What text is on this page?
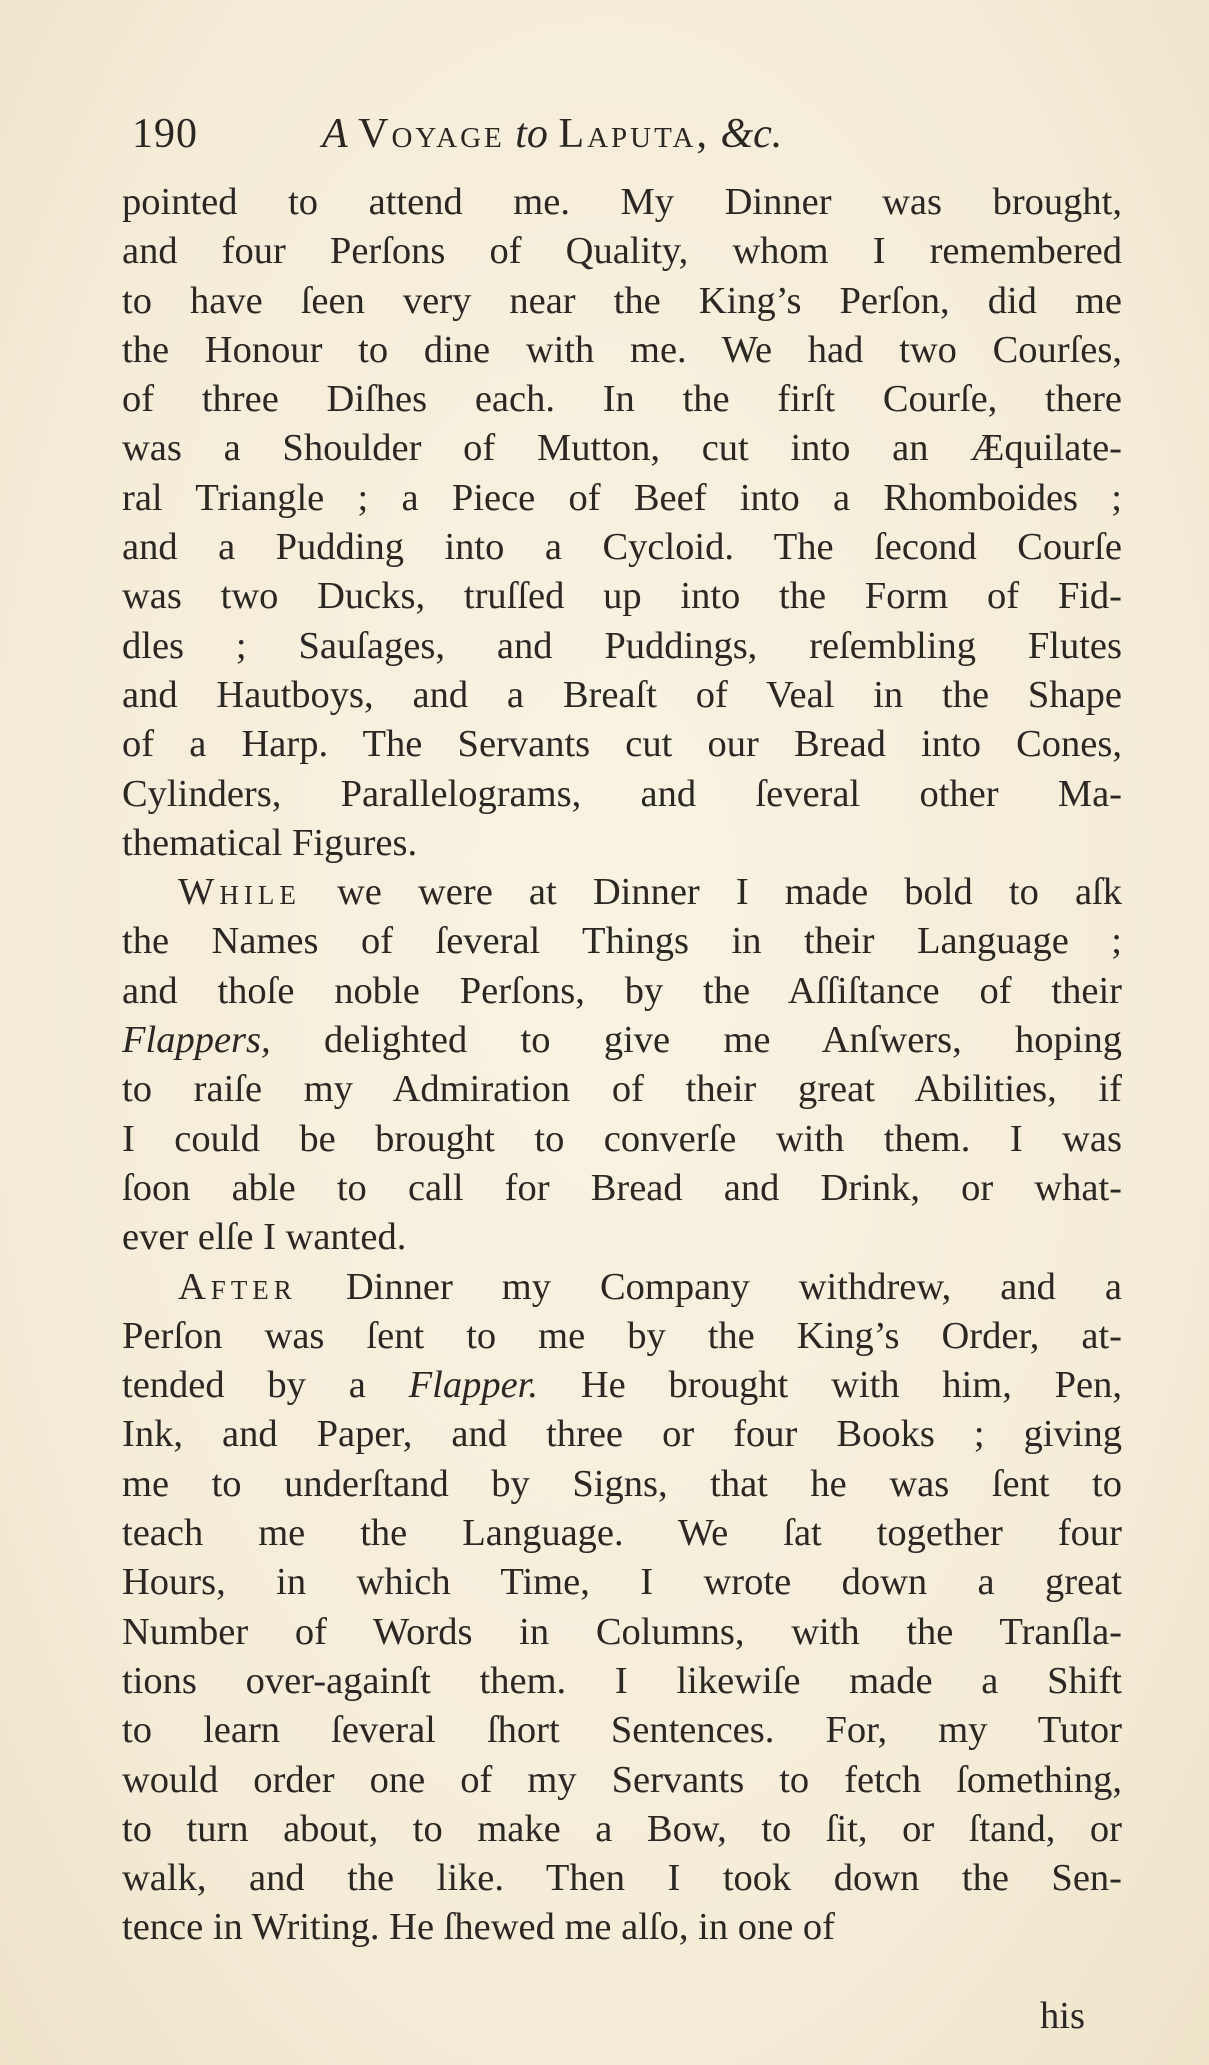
190	A Voyage to Laputa, &c.
pointed to attend me. My Dinner was brought,
and four Perſons of Quality, whom I remembered
to have ſeen very near the King’s Perſon, did me
the Honour to dine with me. We had two Courſes,
of three Diſhes each. In the firſt Courſe, there
was a Shoulder of Mutton, cut into an Æquilate-
ral Triangle ; a Piece of Beef into a Rhomboides ;
and a Pudding into a Cycloid. The ſecond Courſe
was two Ducks, truſſed up into the Form of Fid-
dles ; Sauſages, and Puddings, reſembling Flutes
and Hautboys, and a Breaſt of Veal in the Shape
of a Harp. The Servants cut our Bread into Cones,
Cylinders, Parallelograms, and ſeveral other Ma-
thematical Figures.
While we were at Dinner I made bold to aſk
the Names of ſeveral Things in their Language ;
and thoſe noble Perſons, by the Aſſiſtance of their
Flappers, delighted to give me Anſwers, hoping
to raiſe my Admiration of their great Abilities, if
I could be brought to converſe with them. I was
ſoon able to call for Bread and Drink, or what-
ever elſe I wanted.
After Dinner my Company withdrew, and a
Perſon was ſent to me by the King’s Order, at-
tended by a Flapper. He brought with him, Pen,
Ink, and Paper, and three or four Books ; giving
me to underſtand by Signs, that he was ſent to
teach me the Language. We ſat together four
Hours, in which Time, I wrote down a great
Number of Words in Columns, with the Tranſla-
tions over-againſt them. I likewiſe made a Shift
to learn ſeveral ſhort Sentences. For, my Tutor
would order one of my Servants to fetch ſomething,
to turn about, to make a Bow, to ſit, or ſtand, or
walk, and the like. Then I took down the Sen-
tence in Writing. He ſhewed me alſo, in one of
his
